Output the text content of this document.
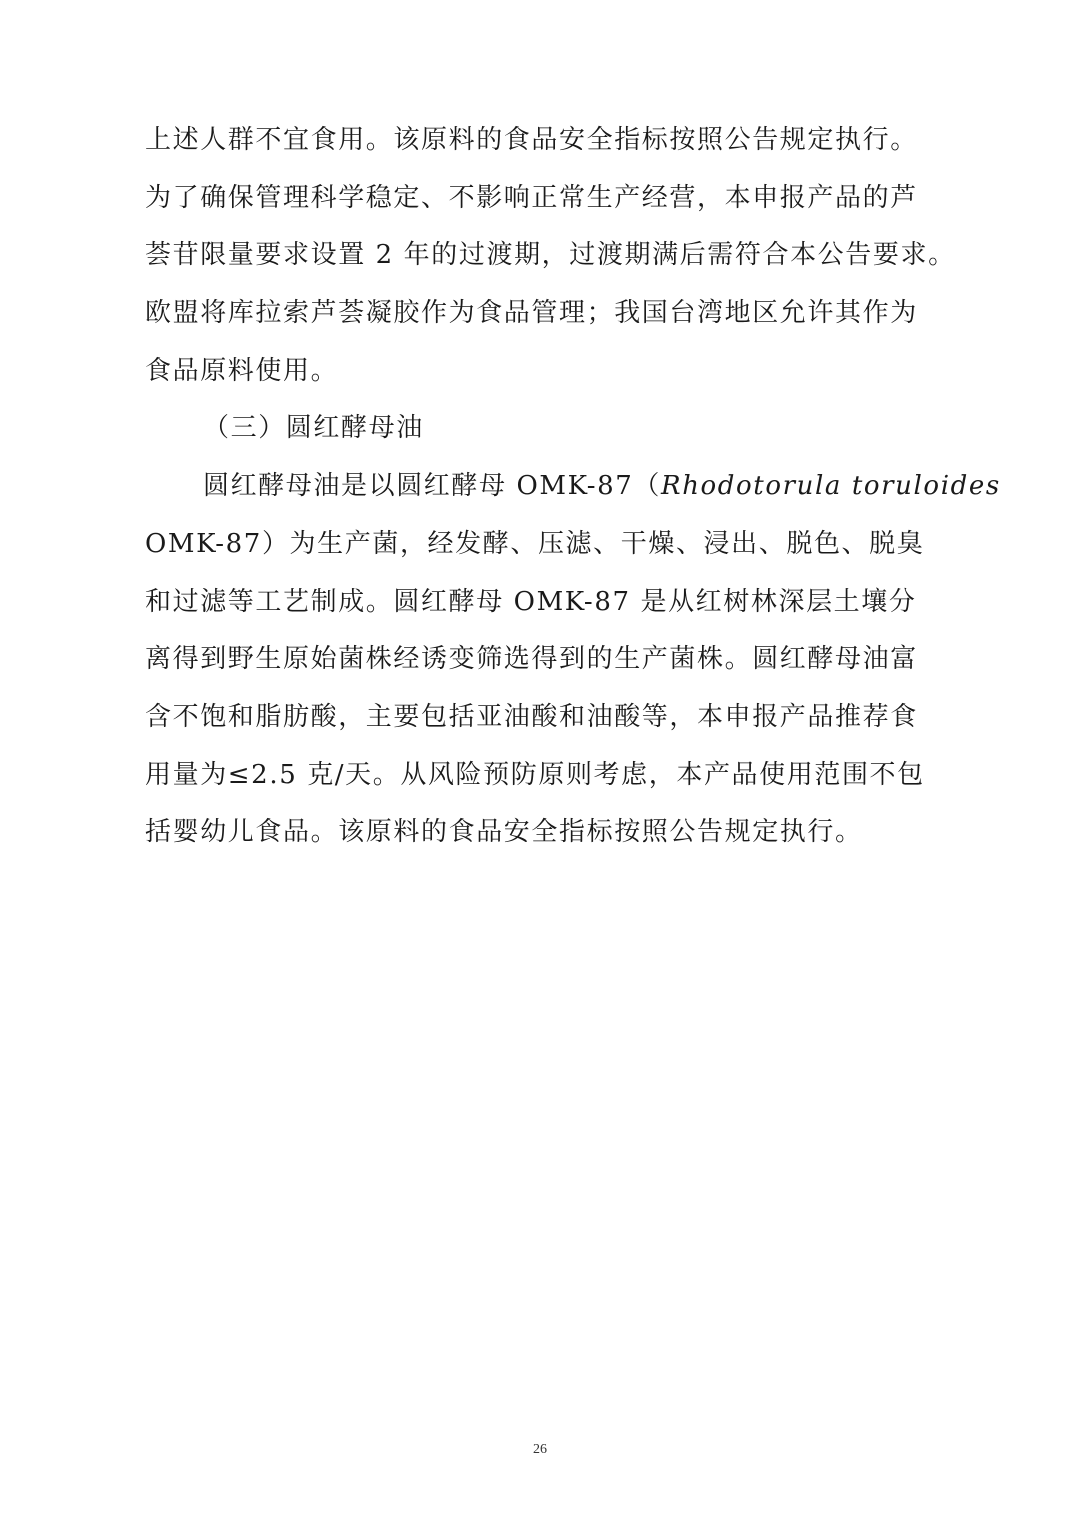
上述人群不宜食用。该原料的食品安全指标按照公告规定执行。
为了确保管理科学稳定、不影响正常生产经营，本申报产品的芦
荟苷限量要求设置 2 年的过渡期，过渡期满后需符合本公告要求。
欧盟将库拉索芦荟凝胶作为食品管理；我国台湾地区允许其作为
食品原料使用。
（三）圆红酵母油
圆红酵母油是以圆红酵母 OMK-87（Rhodotorula toruloides
OMK-87）为生产菌，经发酵、压滤、干燥、浸出、脱色、脱臭
和过滤等工艺制成。圆红酵母 OMK-87 是从红树林深层土壤分
离得到野生原始菌株经诱变筛选得到的生产菌株。圆红酵母油富
含不饱和脂肪酸，主要包括亚油酸和油酸等，本申报产品推荐食
用量为≤2.5 克/天。从风险预防原则考虑，本产品使用范围不包
括婴幼儿食品。该原料的食品安全指标按照公告规定执行。
26
